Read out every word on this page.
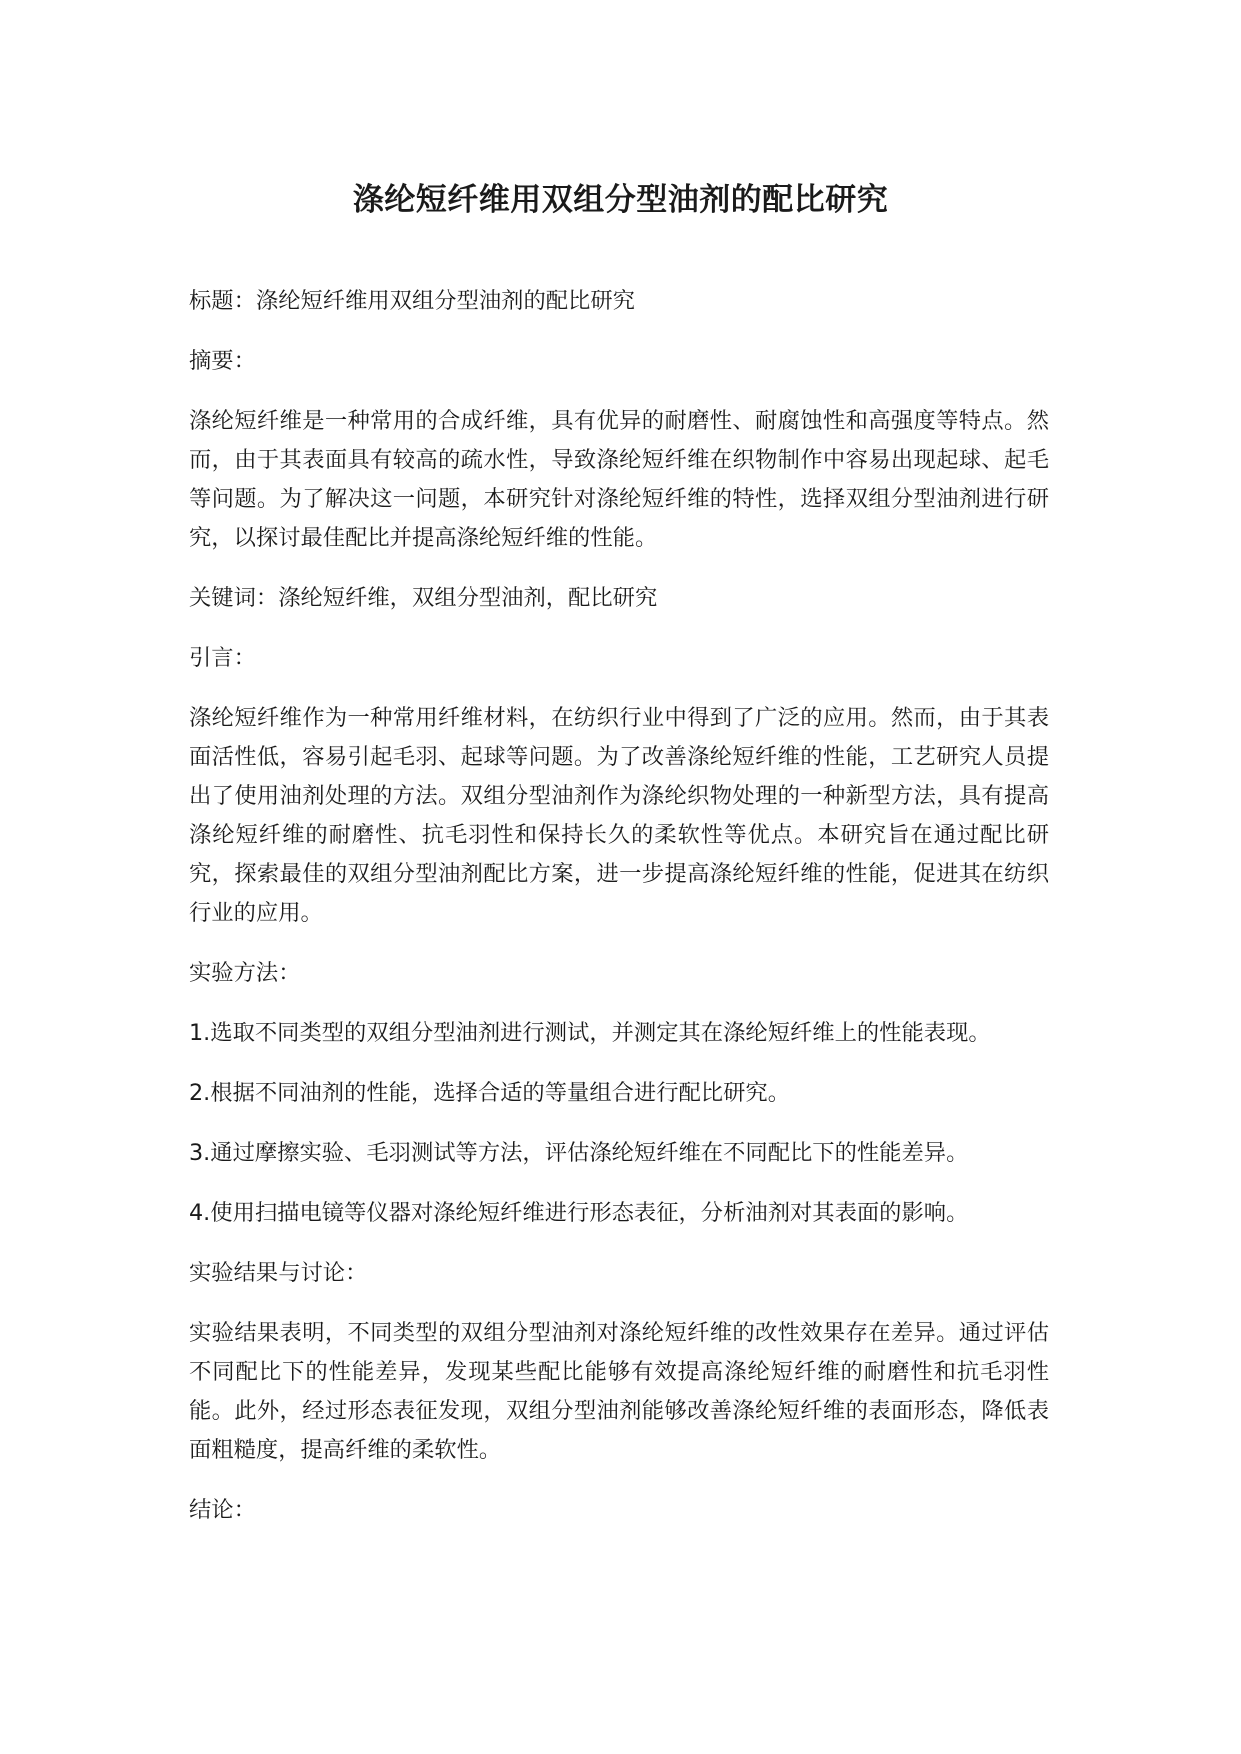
涤纶短纤维用双组分型油剂的配比研究

标题：涤纶短纤维用双组分型油剂的配比研究

摘要：

涤纶短纤维是一种常用的合成纤维，具有优异的耐磨性、耐腐蚀性和高强度等特点。然而，由于其表面具有较高的疏水性，导致涤纶短纤维在织物制作中容易出现起球、起毛等问题。为了解决这一问题，本研究针对涤纶短纤维的特性，选择双组分型油剂进行研究，以探讨最佳配比并提高涤纶短纤维的性能。

关键词：涤纶短纤维，双组分型油剂，配比研究

引言：

涤纶短纤维作为一种常用纤维材料，在纺织行业中得到了广泛的应用。然而，由于其表面活性低，容易引起毛羽、起球等问题。为了改善涤纶短纤维的性能，工艺研究人员提出了使用油剂处理的方法。双组分型油剂作为涤纶织物处理的一种新型方法，具有提高涤纶短纤维的耐磨性、抗毛羽性和保持长久的柔软性等优点。本研究旨在通过配比研究，探索最佳的双组分型油剂配比方案，进一步提高涤纶短纤维的性能，促进其在纺织行业的应用。

实验方法：

1.选取不同类型的双组分型油剂进行测试，并测定其在涤纶短纤维上的性能表现。
2.根据不同油剂的性能，选择合适的等量组合进行配比研究。
3.通过摩擦实验、毛羽测试等方法，评估涤纶短纤维在不同配比下的性能差异。
4.使用扫描电镜等仪器对涤纶短纤维进行形态表征，分析油剂对其表面的影响。

实验结果与讨论：

实验结果表明，不同类型的双组分型油剂对涤纶短纤维的改性效果存在差异。通过评估不同配比下的性能差异，发现某些配比能够有效提高涤纶短纤维的耐磨性和抗毛羽性能。此外，经过形态表征发现，双组分型油剂能够改善涤纶短纤维的表面形态，降低表面粗糙度，提高纤维的柔软性。

结论：
